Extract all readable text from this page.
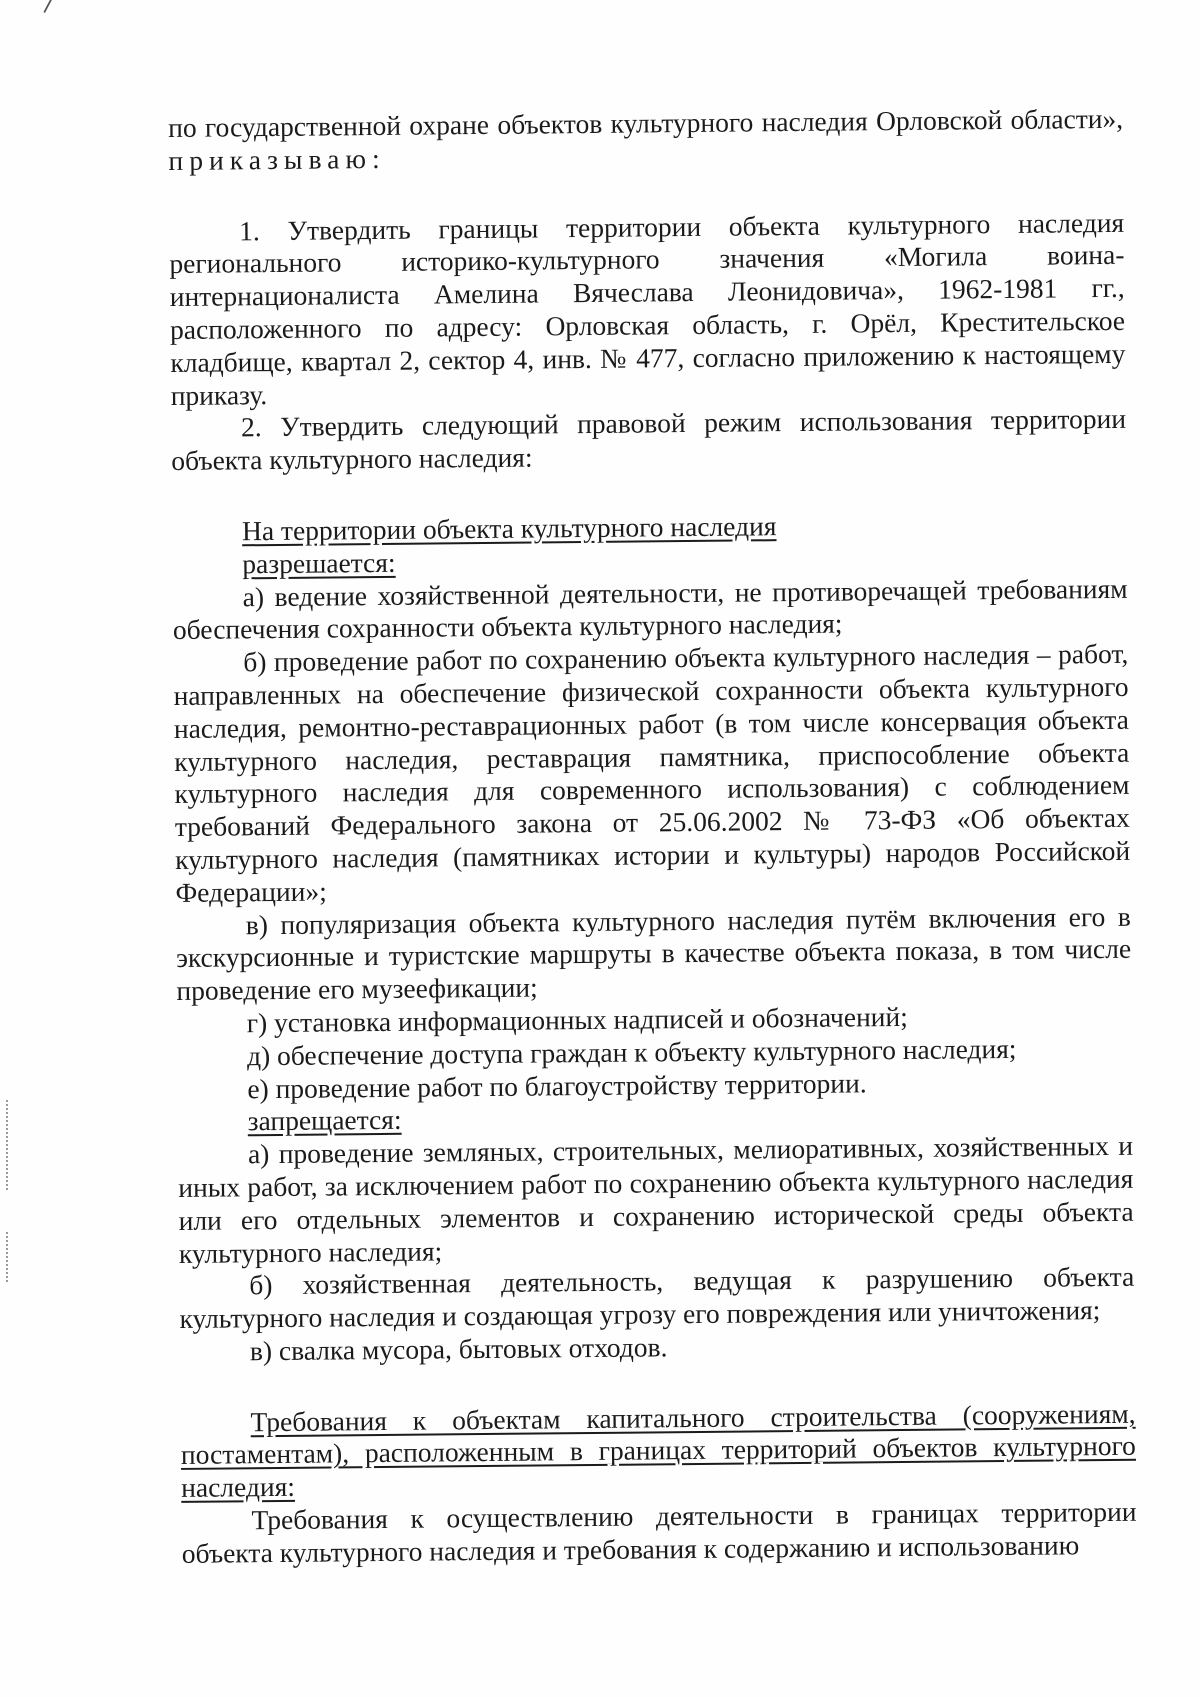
по государственной охране объектов культурного наследия Орловской области», приказываю:

1. Утвердить границы территории объекта культурного наследия регионального историко-культурного значения «Могила воина-интернационалиста Амелина Вячеслава Леонидовича», 1962-1981 гг., расположенного по адресу: Орловская область, г. Орёл, Крестительское кладбище, квартал 2, сектор 4, инв. № 477, согласно приложению к настоящему приказу.

2. Утвердить следующий правовой режим использования территории объекта культурного наследия:

На территории объекта культурного наследия

разрешается:

а) ведение хозяйственной деятельности, не противоречащей требованиям обеспечения сохранности объекта культурного наследия;

б) проведение работ по сохранению объекта культурного наследия – работ, направленных на обеспечение физической сохранности объекта культурного наследия, ремонтно-реставрационных работ (в том числе консервация объекта культурного наследия, реставрация памятника, приспособление объекта культурного наследия для современного использования) с соблюдением требований Федерального закона от 25.06.2002 № 73-ФЗ «Об объектах культурного наследия (памятниках истории и культуры) народов Российской Федерации»;

в) популяризация объекта культурного наследия путём включения его в экскурсионные и туристские маршруты в качестве объекта показа, в том числе проведение его музеефикации;

г) установка информационных надписей и обозначений;

д) обеспечение доступа граждан к объекту культурного наследия;

е) проведение работ по благоустройству территории.

запрещается:

а) проведение земляных, строительных, мелиоративных, хозяйственных и иных работ, за исключением работ по сохранению объекта культурного наследия или его отдельных элементов и сохранению исторической среды объекта культурного наследия;

б) хозяйственная деятельность, ведущая к разрушению объекта культурного наследия и создающая угрозу его повреждения или уничтожения;

в) свалка мусора, бытовых отходов.

Требования к объектам капитального строительства (сооружениям, постаментам), расположенным в границах территорий объектов культурного наследия:

Требования к осуществлению деятельности в границах территории объекта культурного наследия и требования к содержанию и использованию
